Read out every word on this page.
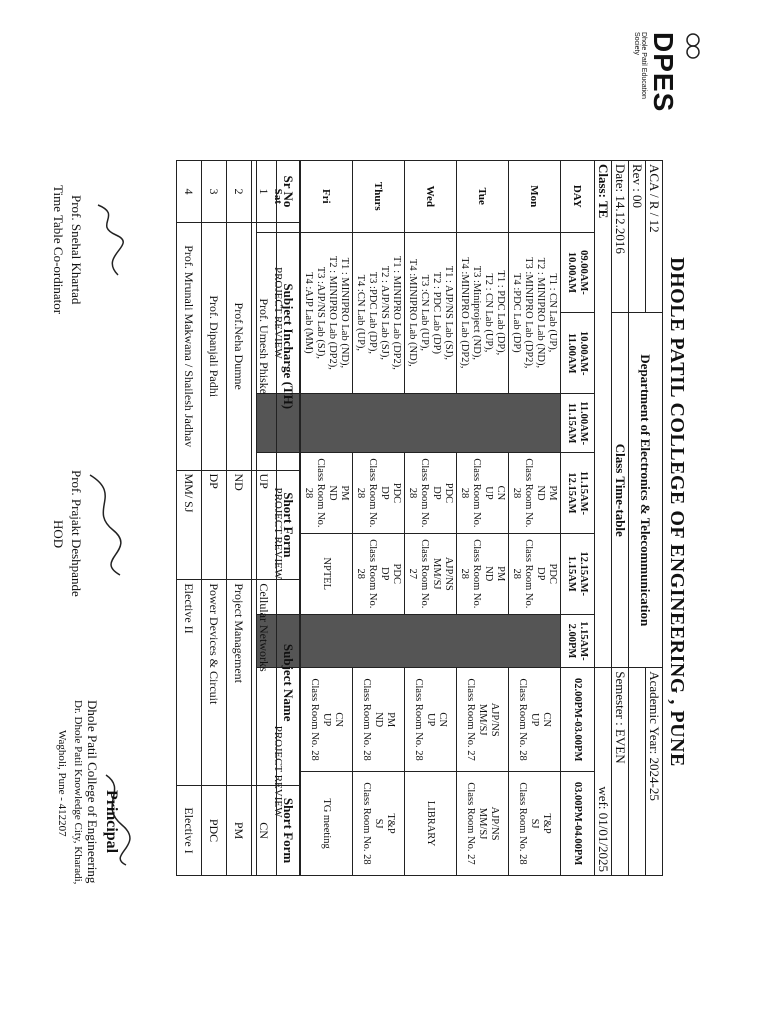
DPES
Dhole Patil Education Society
DHOLE PATIL COLLEGE OF ENGINEERING , PUNE
ACA / R / 12		Department of Electronics & Telecommunication					Academic Year: 2024-25	
Rev : 00								
Date: 14.12.2016		Class Time-table					Semester : EVEN	
Class: TE							wef: 01/01/2025	
DAY	09.00AM-10.00AM	10.00AM-11.00AM	11.00AM-11.15AM	11.15AM-12.15AM	12.15AM-1.15AM	1.15AM-2.00PM	02.00PM-03.00PM	03.00PM-04.00PM
Mon	T1 : CN Lab (UP),
T2 : MINIPRO Lab (ND),
T3 :MINIPRO Lab (DP2),
T4 :PDC Lab (DP)			PM
ND
Class Room No. 28	PDC
DP
Class Room No. 28		CN
UP
Class Room No. 28	T&P
SJ
Class Room No. 28
Tue	T1 : PDC Lab (DP),
T2 : CN Lab (UP),
T3 :Miniproject (ND),
T4 :MINIPRO Lab (DP2),			CN
UP
Class Room No. 28	PM
ND
Class Room No. 28		AJP/NS
MM/SJ
Class Room No. 27	AJP/NS
MM/SJ
Class Room No. 27
Wed	T1 : AJP/NS Lab (SJ),
T2 : PDC Lab (DP)
T3 :CN Lab (UP),
T4 :MINIPRO Lab (ND),			PDC
DP
Class Room No. 28	AJP/NS
MM/SJ
Class Room No. 27		CN
UP
Class Room No. 28	LIBRARY
Thurs	T1 : MINIPRO Lab (DP2),
T2 : AJP/NS Lab (SJ),
T3 :PDC Lab (DP),
T4 :CN Lab (UP),			PDC
DP
Class Room No. 28	PDC
DP
Class Room No. 28		PM
ND
Class Room No. 28	T&P
SJ
Class Room No. 28
Fri	T1 : MINIPRO Lab (ND),
T2 : MINIPRO Lab (DP2),
T3 :AJP/NS Lab (SJ),
T4 :AJP Lab (MM)			PM
ND
Class Room No. 28	NPTEL		CN
UP
Class Room No. 28	TG meeting
Sat	PROJECT REVIEW			PROJECT REVIEW			PROJECT REVIEW	
Sr No	Subject Incharge (TH)	Short Form	Subject Name	Short Form
1	Prof. Umesh Phiske	UP	Cellular Networks	CN
2	Prof.Neha Dumne	ND	Project Management	PM
3	Prof. Dipanjali Padhi	DP	Power Devices & Circuit	PDC
4	Prof. Mrunali Makwana / Shailesh Jadhav	MM/ SJ	Elective II	Elective I
Prof. Snehal Khartad
Time Table Co-ordinator
Prof. Prajakt Deshpande
HOD
Principal
Dhole Patil College of Engineering
Dr. Dhole Patil Knowledge City, Kharadi,
Wagholi, Pune - 412207
